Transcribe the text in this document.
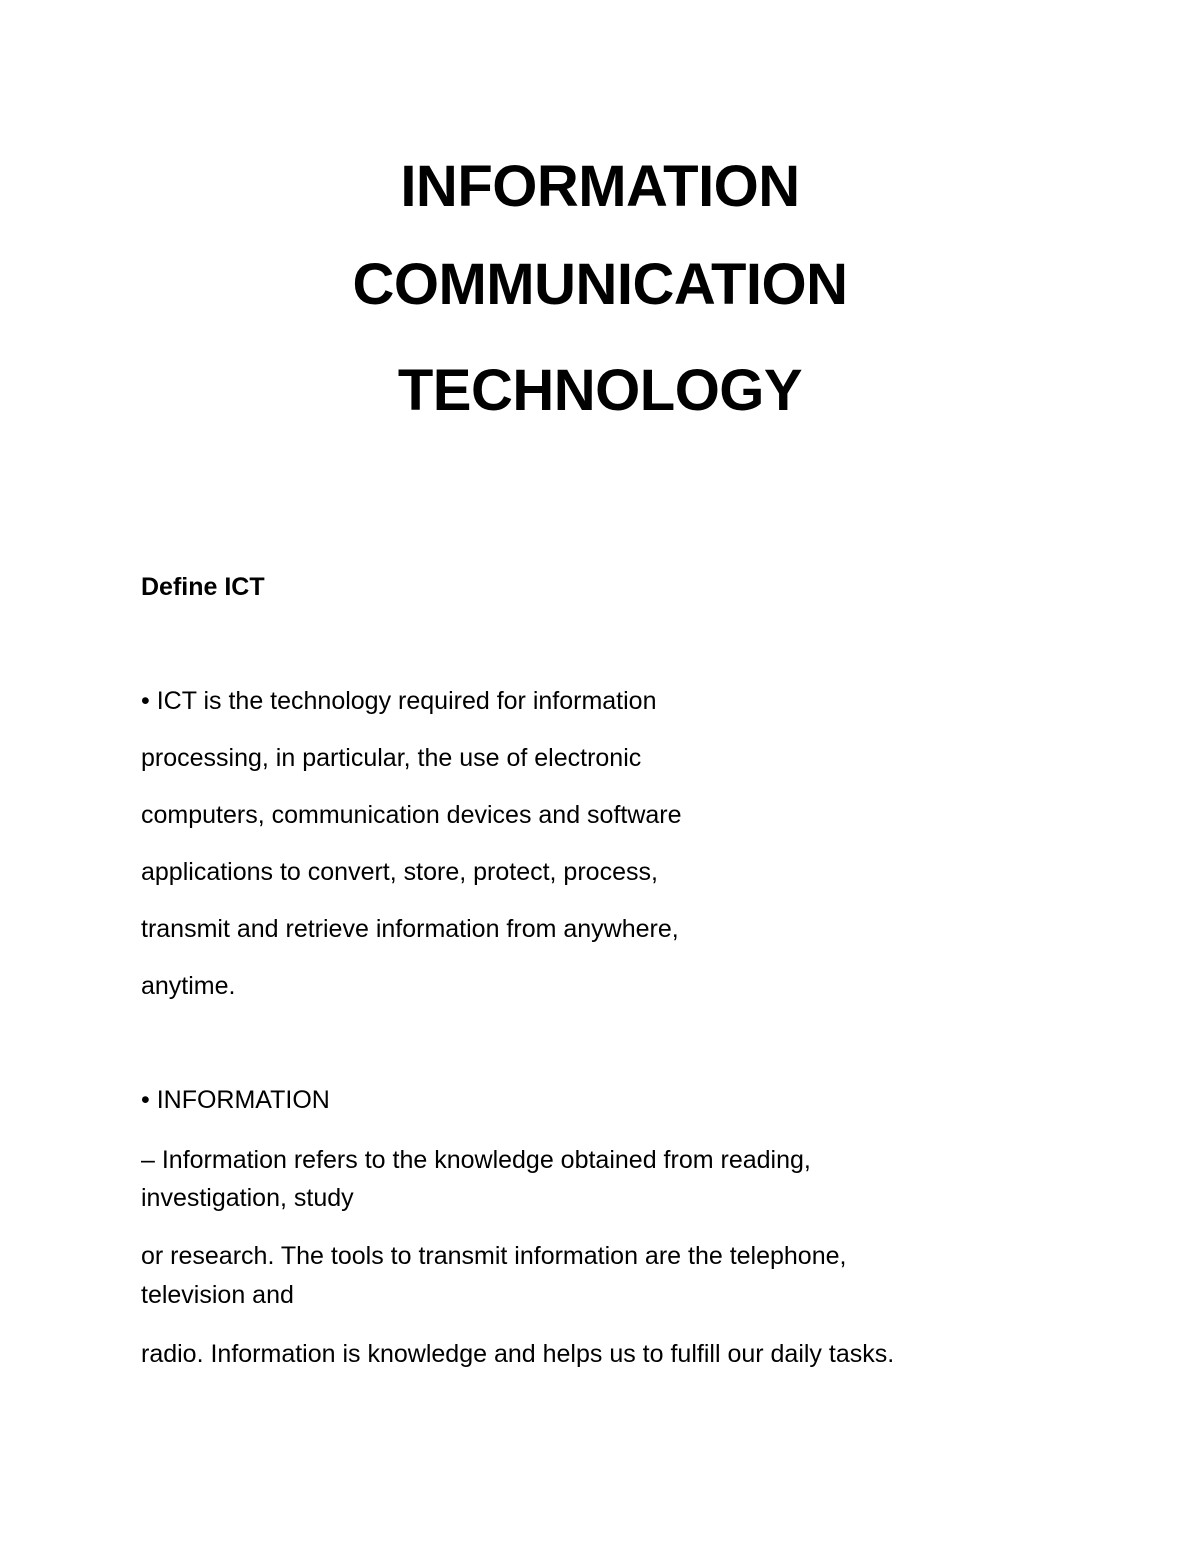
INFORMATION
COMMUNICATION
TECHNOLOGY
Define ICT
• ICT is the technology required for information
processing, in particular, the use of electronic
computers, communication devices and software
applications to convert, store, protect, process,
transmit and retrieve information from anywhere,
anytime.
• INFORMATION
– Information refers to the knowledge obtained from reading,
investigation, study
or research. The tools to transmit information are the telephone,
television and
radio. Information is knowledge and helps us to fulfill our daily tasks.
